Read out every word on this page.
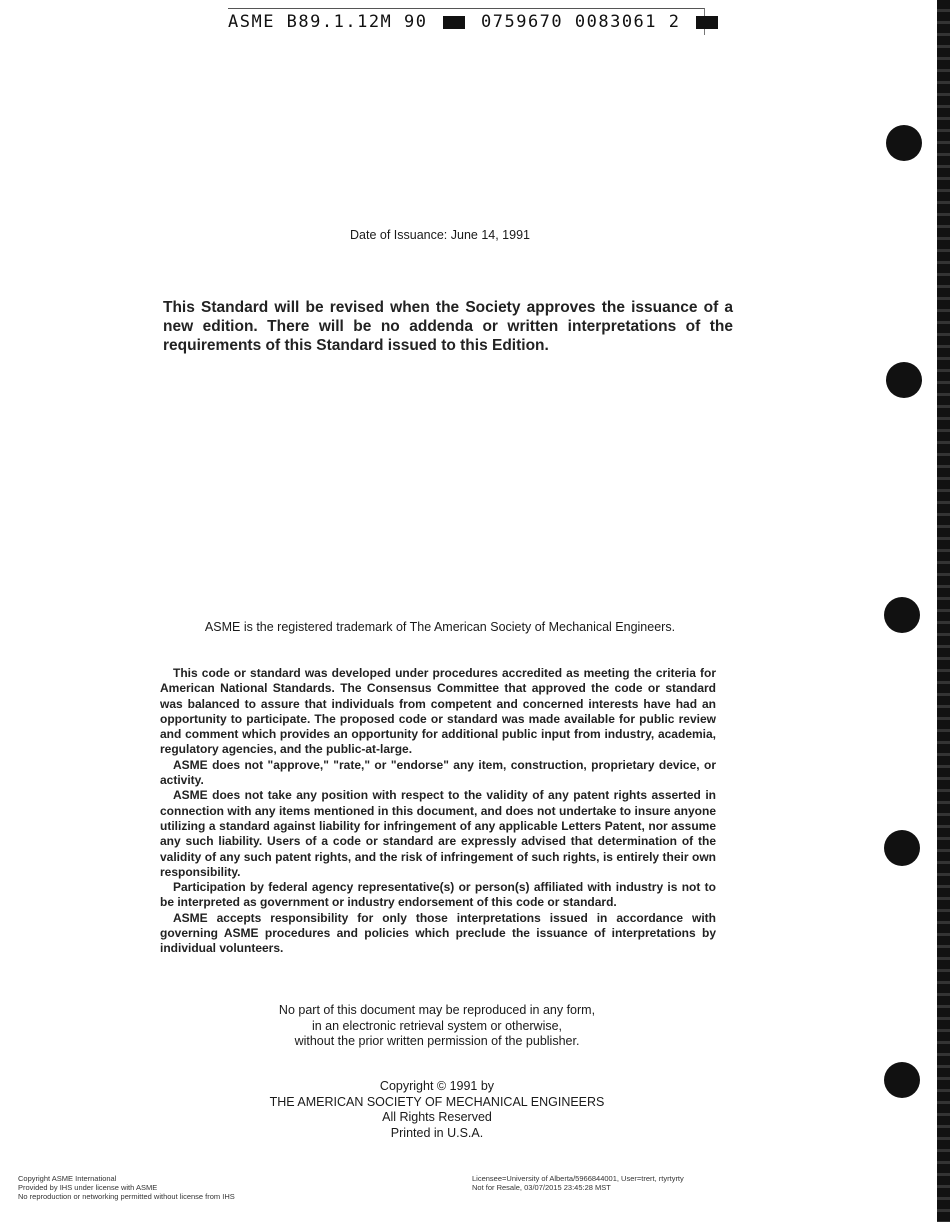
ASME B89.1.12M 90	0759670 0083061 2
Date of Issuance: June 14, 1991
This Standard will be revised when the Society approves the issuance of a new edition. There will be no addenda or written interpretations of the requirements of this Standard issued to this Edition.
ASME is the registered trademark of The American Society of Mechanical Engineers.

This code or standard was developed under procedures accredited as meeting the criteria for American National Standards. The Consensus Committee that approved the code or standard was balanced to assure that individuals from competent and concerned interests have had an opportunity to participate. The proposed code or standard was made available for public review and comment which provides an opportunity for additional public input from industry, academia, regulatory agencies, and the public-at-large.

ASME does not "approve," "rate," or "endorse" any item, construction, proprietary device, or activity.

ASME does not take any position with respect to the validity of any patent rights asserted in connection with any items mentioned in this document, and does not undertake to insure anyone utilizing a standard against liability for infringement of any applicable Letters Patent, nor assume any such liability. Users of a code or standard are expressly advised that determination of the validity of any such patent rights, and the risk of infringement of such rights, is entirely their own responsibility.

Participation by federal agency representative(s) or person(s) affiliated with industry is not to be interpreted as government or industry endorsement of this code or standard.

ASME accepts responsibility for only those interpretations issued in accordance with governing ASME procedures and policies which preclude the issuance of interpretations by individual volunteers.

No part of this document may be reproduced in any form,
in an electronic retrieval system or otherwise,
without the prior written permission of the publisher.
Copyright © 1991 by
THE AMERICAN SOCIETY OF MECHANICAL ENGINEERS
All Rights Reserved
Printed in U.S.A.
Copyright ASME International
Provided by IHS under license with ASME
No reproduction or networking permitted without license from IHS
Licensee=University of Alberta/5966844001, User=trert, rtyrtyrty
Not for Resale, 03/07/2015 23:45:28 MST
